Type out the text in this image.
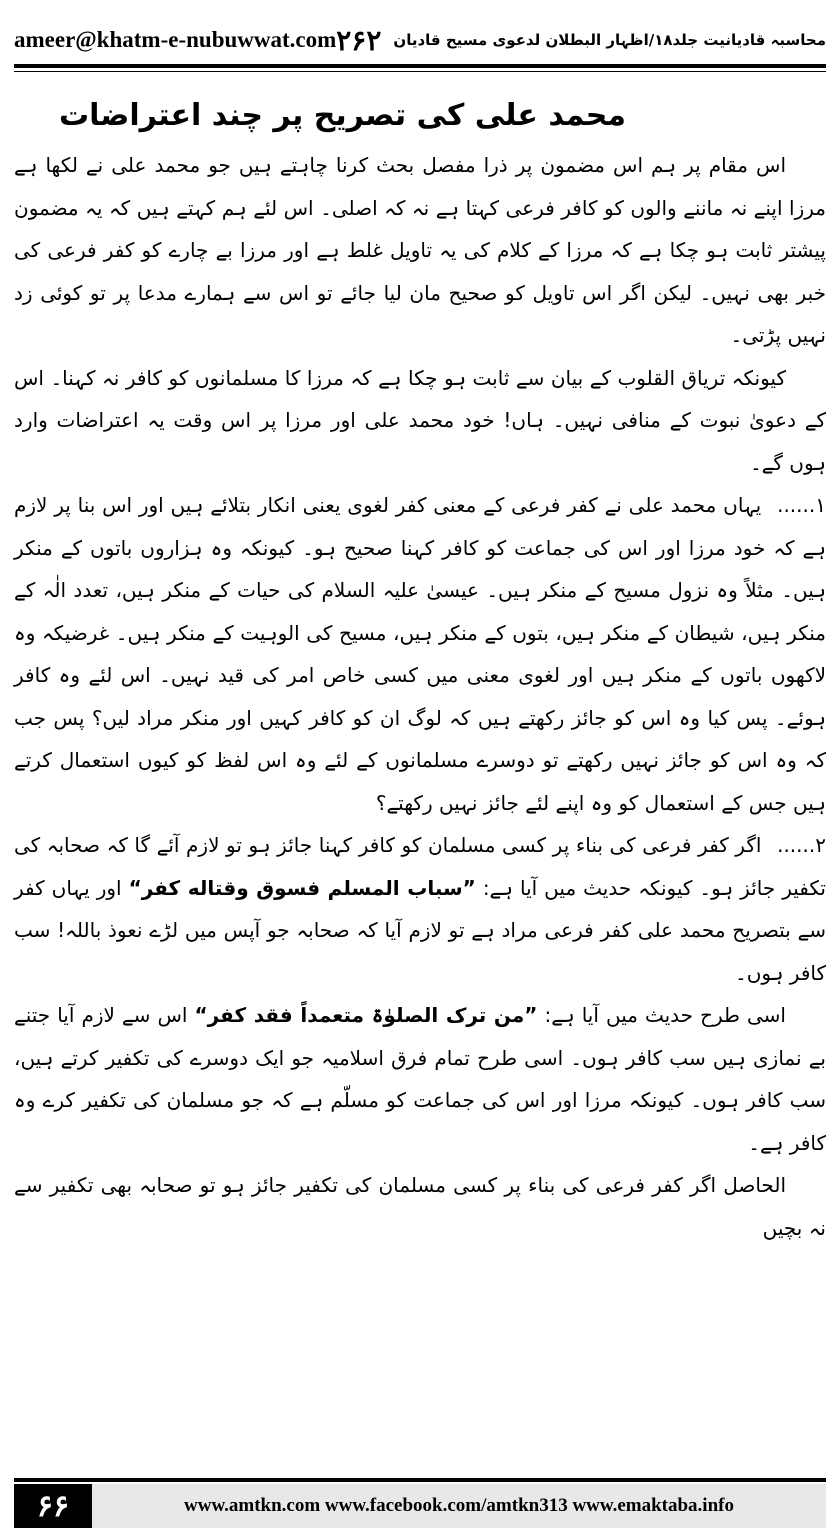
ameer@khatm-e-nubuwwat.com	محاسبہ قادیانیت جلد۱۸/اظہار البطلان لدعوی مسیح قادیان
۲۶۲
محمد علی کی تصریح پر چند اعتراضات

اس مقام پر ہم اس مضمون پر ذرا مفصل بحث کرنا چاہتے ہیں جو محمد علی نے لکھا ہے مرزا اپنے نہ ماننے والوں کو کافر فرعی کہتا ہے نہ کہ اصلی۔ اس لئے ہم کہتے ہیں کہ یہ مضمون پیشتر ثابت ہو چکا ہے کہ مرزا کے کلام کی یہ تاویل غلط ہے اور مرزا بے چارے کو کفر فرعی کی خبر بھی نہیں۔ لیکن اگر اس تاویل کو صحیح مان لیا جائے تو اس سے ہمارے مدعا پر تو کوئی زد نہیں پڑتی۔

کیونکہ تریاق القلوب کے بیان سے ثابت ہو چکا ہے کہ مرزا کا مسلمانوں کو کافر نہ کہنا۔ اس کے دعویٰ نبوت کے منافی نہیں۔ ہاں! خود محمد علی اور مرزا پر اس وقت یہ اعتراضات وارد ہوں گے۔

۱...... یہاں محمد علی نے کفر فرعی کے معنی کفر لغوی یعنی انکار بتلائے ہیں اور اس بنا پر لازم ہے کہ خود مرزا اور اس کی جماعت کو کافر کہنا صحیح ہو۔ کیونکہ وہ ہزاروں باتوں کے منکر ہیں۔ مثلاً وہ نزول مسیح کے منکر ہیں۔ عیسیٰ علیہ السلام کی حیات کے منکر ہیں، تعدد الٰہ کے منکر ہیں، شیطان کے منکر ہیں، بتوں کے منکر ہیں، مسیح کی الوہیت کے منکر ہیں۔ غرضیکہ وہ لاکھوں باتوں کے منکر ہیں اور لغوی معنی میں کسی خاص امر کی قید نہیں۔ اس لئے وہ کافر ہوئے۔ پس کیا وہ اس کو جائز رکھتے ہیں کہ لوگ ان کو کافر کہیں اور منکر مراد لیں؟ پس جب کہ وہ اس کو جائز نہیں رکھتے تو دوسرے مسلمانوں کے لئے وہ اس لفظ کو کیوں استعمال کرتے ہیں جس کے استعمال کو وہ اپنے لئے جائز نہیں رکھتے؟

۲...... اگر کفر فرعی کی بناء پر کسی مسلمان کو کافر کہنا جائز ہو تو لازم آئے گا کہ صحابہ کی تکفیر جائز ہو۔ کیونکہ حدیث میں آیا ہے: ”سباب المسلم فسوق وقتاله کفر“ اور یہاں کفر سے بتصریح محمد علی کفر فرعی مراد ہے تو لازم آیا کہ صحابہ جو آپس میں لڑے نعوذ باللہ! سب کافر ہوں۔

اسی طرح حدیث میں آیا ہے: ”من ترک الصلوٰۃ متعمداً فقد کفر“ اس سے لازم آیا جتنے بے نمازی ہیں سب کافر ہوں۔ اسی طرح تمام فرق اسلامیہ جو ایک دوسرے کی تکفیر کرتے ہیں، سب کافر ہوں۔ کیونکہ مرزا اور اس کی جماعت کو مسلّم ہے کہ جو مسلمان کی تکفیر کرے وہ کافر ہے۔

الحاصل اگر کفر فرعی کی بناء پر کسی مسلمان کی تکفیر جائز ہو تو صحابہ بھی تکفیر سے نہ بچیں

۶۶	www.amtkn.com www.facebook.com/amtkn313 www.emaktaba.info
